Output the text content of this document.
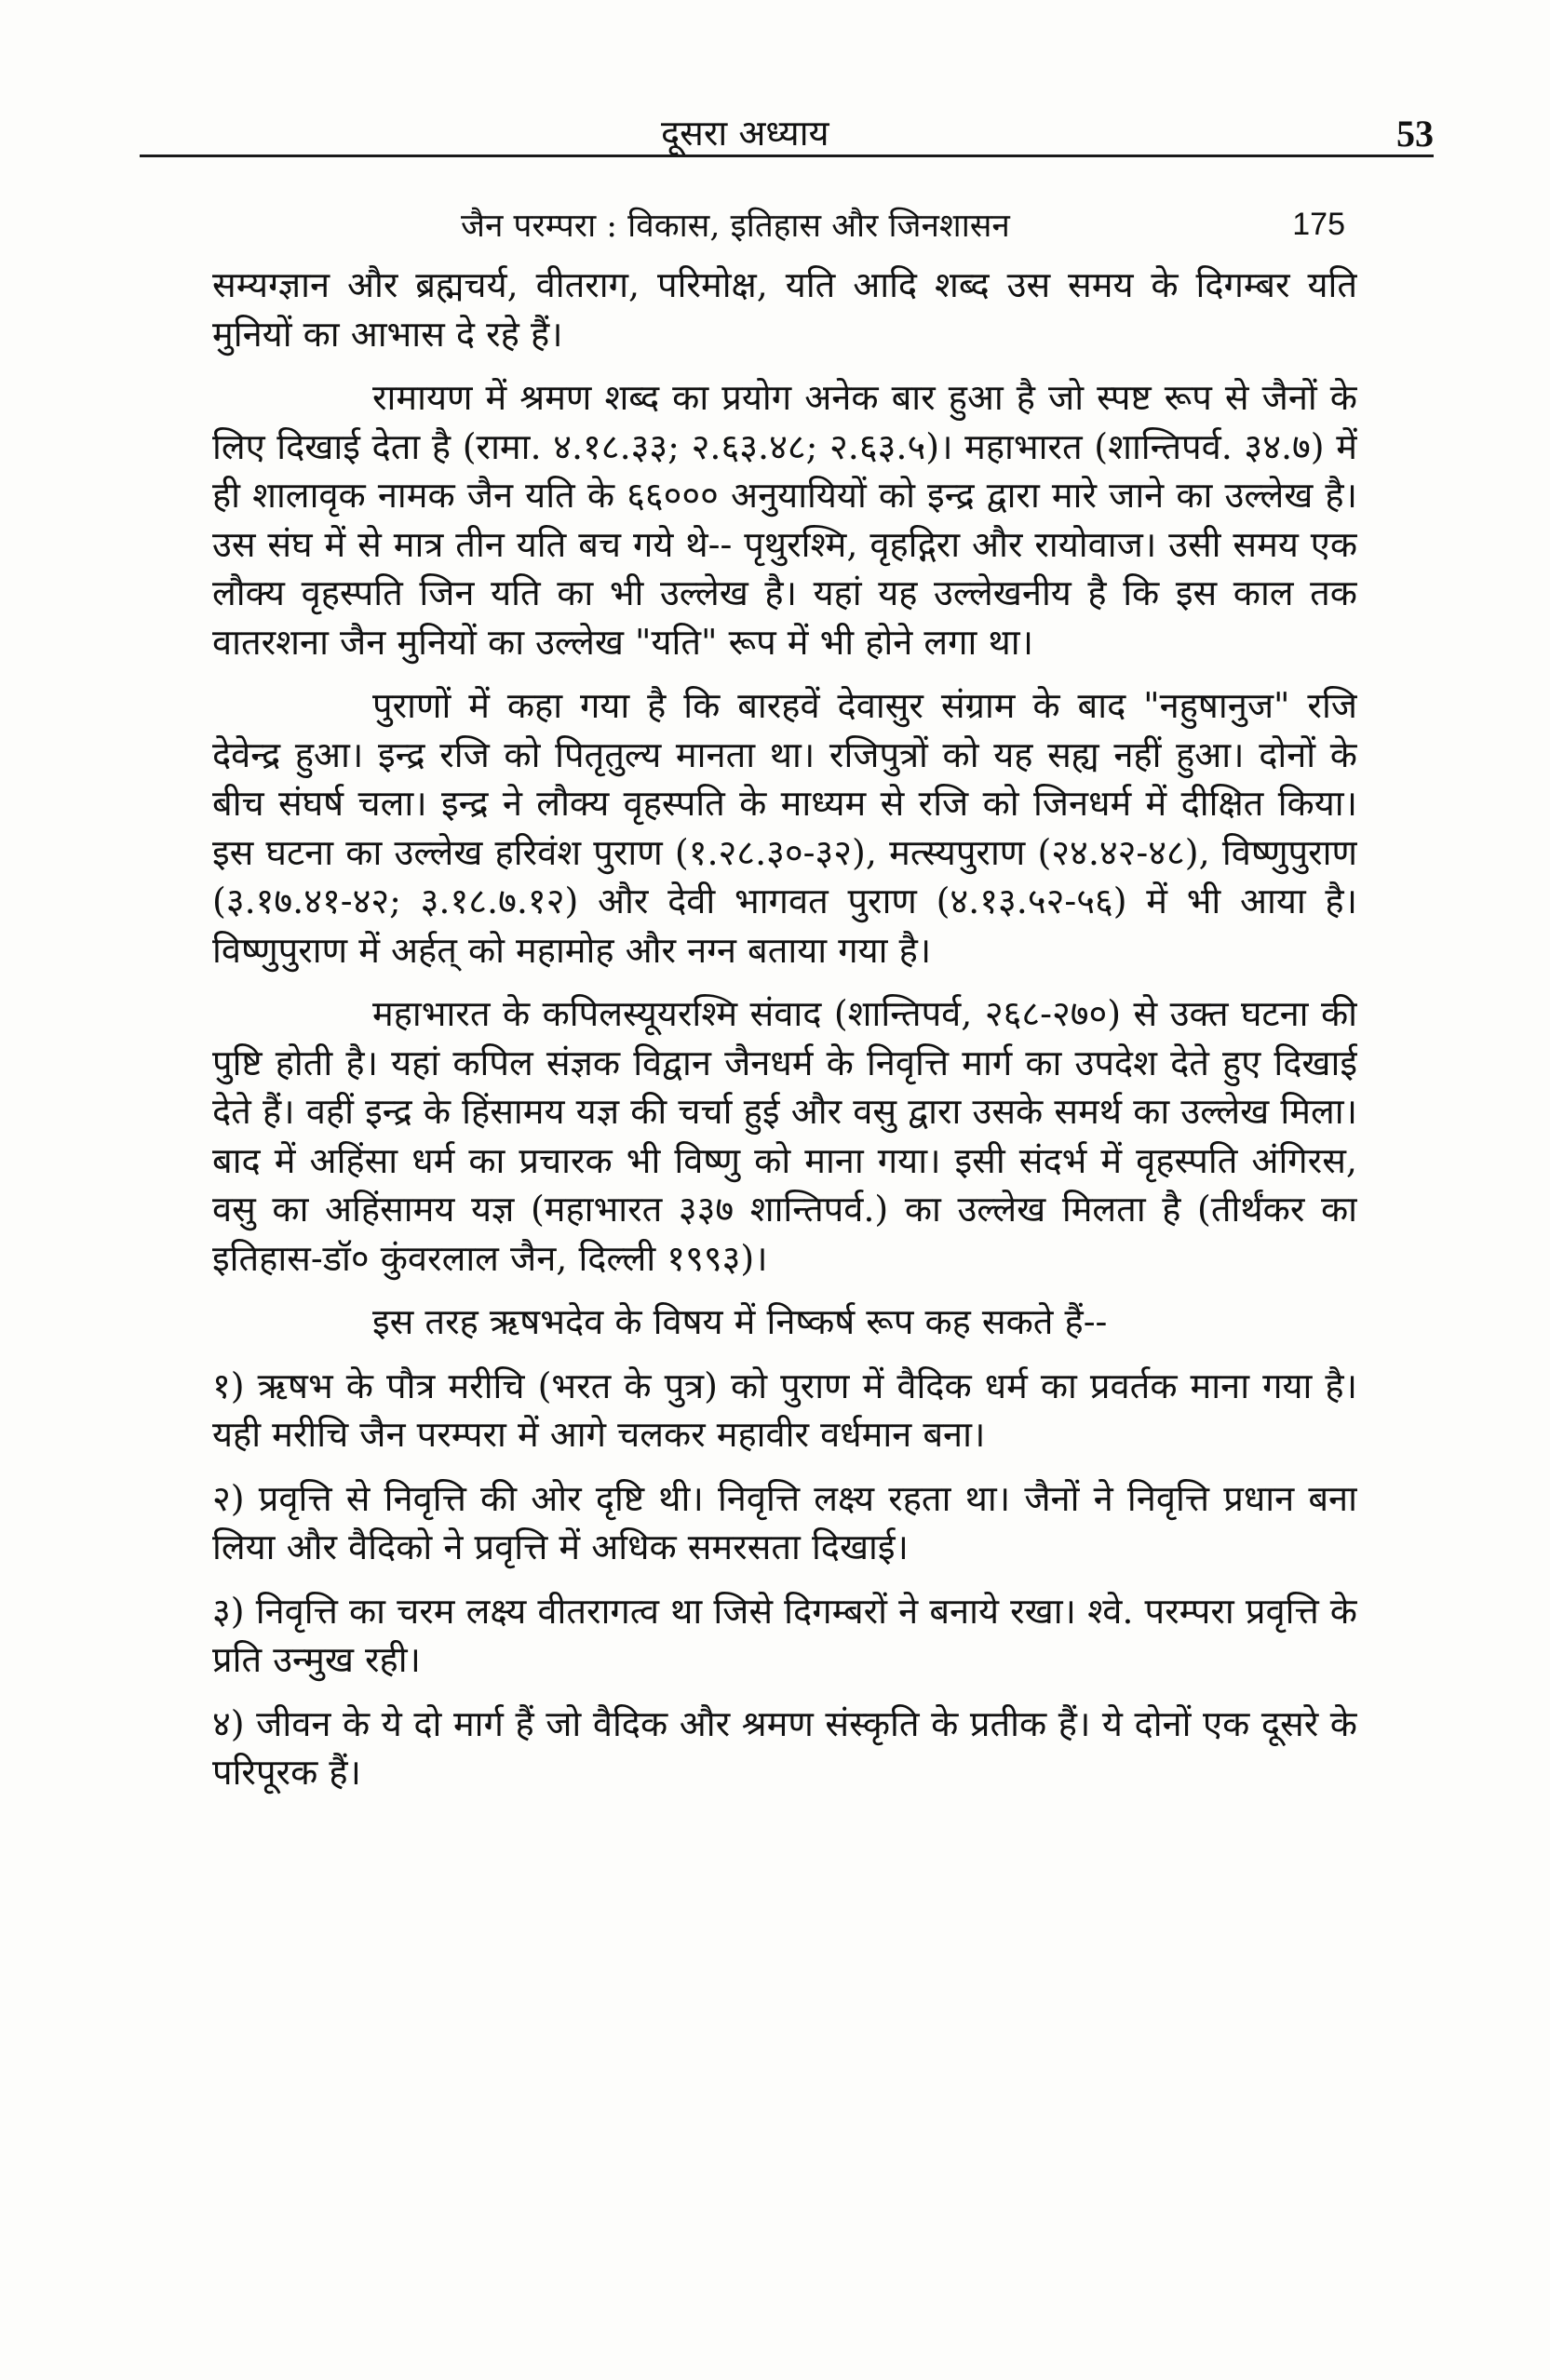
दूसरा अध्याय	53
जैन परम्परा : विकास, इतिहास और जिनशासन	175

सम्यग्ज्ञान और ब्रह्मचर्य, वीतराग, परिमोक्ष, यति आदि शब्द उस समय के दिगम्बर यति मुनियों का आभास दे रहे हैं।

रामायण में श्रमण शब्द का प्रयोग अनेक बार हुआ है जो स्पष्ट रूप से जैनों के लिए दिखाई देता है (रामा. ४.१८.३३; २.६३.४८; २.६३.५)। महाभारत (शान्तिपर्व. ३४.७) में ही शालावृक नामक जैन यति के ६६००० अनुयायियों को इन्द्र द्वारा मारे जाने का उल्लेख है। उस संघ में से मात्र तीन यति बच गये थे-- पृथुरश्मि, वृहद्गिरा और रायोवाज। उसी समय एक लौक्य वृहस्पति जिन यति का भी उल्लेख है। यहां यह उल्लेखनीय है कि इस काल तक वातरशना जैन मुनियों का उल्लेख "यति" रूप में भी होने लगा था।

पुराणों में कहा गया है कि बारहवें देवासुर संग्राम के बाद "नहुषानुज" रजि देवेन्द्र हुआ। इन्द्र रजि को पितृतुल्य मानता था। रजिपुत्रों को यह सह्य नहीं हुआ। दोनों के बीच संघर्ष चला। इन्द्र ने लौक्य वृहस्पति के माध्यम से रजि को जिनधर्म में दीक्षित किया। इस घटना का उल्लेख हरिवंश पुराण (१.२८.३०-३२), मत्स्यपुराण (२४.४२-४८), विष्णुपुराण (३.१७.४१-४२; ३.१८.७.१२) और देवी भागवत पुराण (४.१३.५२-५६) में भी आया है। विष्णुपुराण में अर्हत् को महामोह और नग्न बताया गया है।

महाभारत के कपिलस्यूयरश्मि संवाद (शान्तिपर्व, २६८-२७०) से उक्त घटना की पुष्टि होती है। यहां कपिल संज्ञक विद्वान जैनधर्म के निवृत्ति मार्ग का उपदेश देते हुए दिखाई देते हैं। वहीं इन्द्र के हिंसामय यज्ञ की चर्चा हुई और वसु द्वारा उसके समर्थ का उल्लेख मिला। बाद में अहिंसा धर्म का प्रचारक भी विष्णु को माना गया। इसी संदर्भ में वृहस्पति अंगिरस, वसु का अहिंसामय यज्ञ (महाभारत ३३७ शान्तिपर्व.) का उल्लेख मिलता है (तीर्थंकर का इतिहास-डॉ० कुंवरलाल जैन, दिल्ली १९९३)।

इस तरह ऋषभदेव के विषय में निष्कर्ष रूप कह सकते हैं--

१) ऋषभ के पौत्र मरीचि (भरत के पुत्र) को पुराण में वैदिक धर्म का प्रवर्तक माना गया है। यही मरीचि जैन परम्परा में आगे चलकर महावीर वर्धमान बना।

२) प्रवृत्ति से निवृत्ति की ओर दृष्टि थी। निवृत्ति लक्ष्य रहता था। जैनों ने निवृत्ति प्रधान बना लिया और वैदिको ने प्रवृत्ति में अधिक समरसता दिखाई।

३) निवृत्ति का चरम लक्ष्य वीतरागत्व था जिसे दिगम्बरों ने बनाये रखा। श्वे. परम्परा प्रवृत्ति के प्रति उन्मुख रही।

४) जीवन के ये दो मार्ग हैं जो वैदिक और श्रमण संस्कृति के प्रतीक हैं। ये दोनों एक दूसरे के परिपूरक हैं।
